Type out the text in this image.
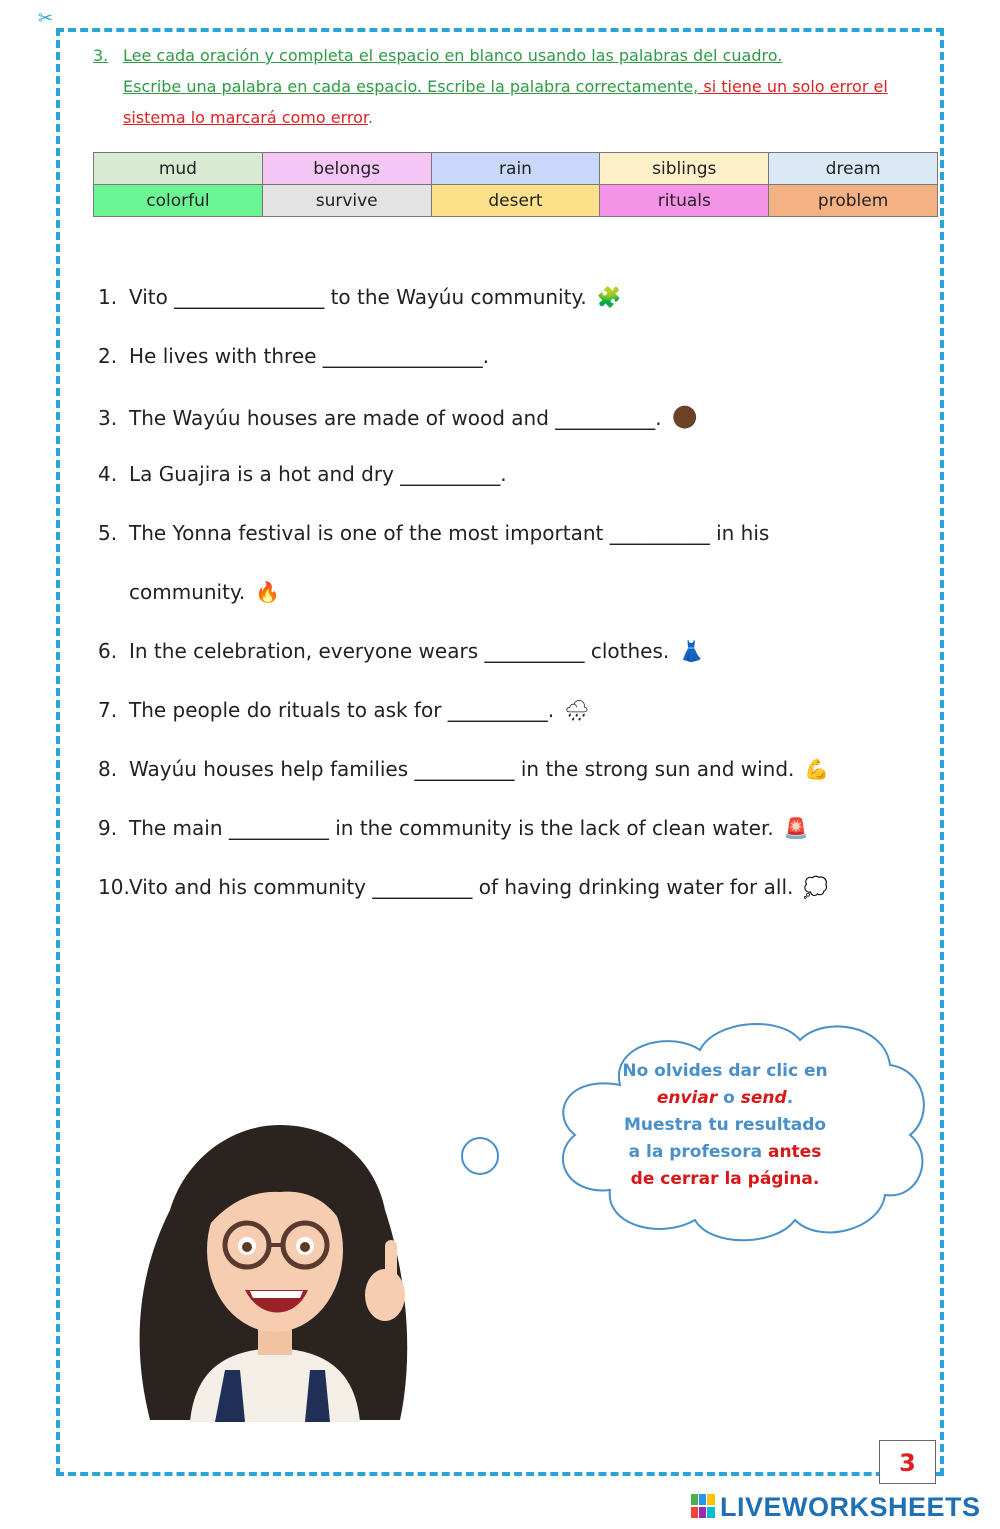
✂
3. Lee cada oración y completa el espacio en blanco usando las palabras del cuadro.
Escribe una palabra en cada espacio. Escribe la palabra correctamente, si tiene un solo error el
sistema lo marcará como error.
mud	belongs	rain	siblings	dream
colorful	survive	desert	rituals	problem
1. Vito _______________ to the Wayúu community. 🧩
2. He lives with three ________________.
3. The Wayúu houses are made of wood and __________. ●
4. La Guajira is a hot and dry __________.
5. The Yonna festival is one of the most important __________ in his
community. 🔥
6. In the celebration, everyone wears __________ clothes. 👗
7. The people do rituals to ask for __________. 🌧
8. Wayúu houses help families __________ in the strong sun and wind. 💪
9. The main __________ in the community is the lack of clean water. 🚨
10.Vito and his community __________ of having drinking water for all. 💭
No olvides dar clic en
enviar o send.
Muestra tu resultado
a la profesora antes
de cerrar la página.
3
LIVEWORKSHEETS
